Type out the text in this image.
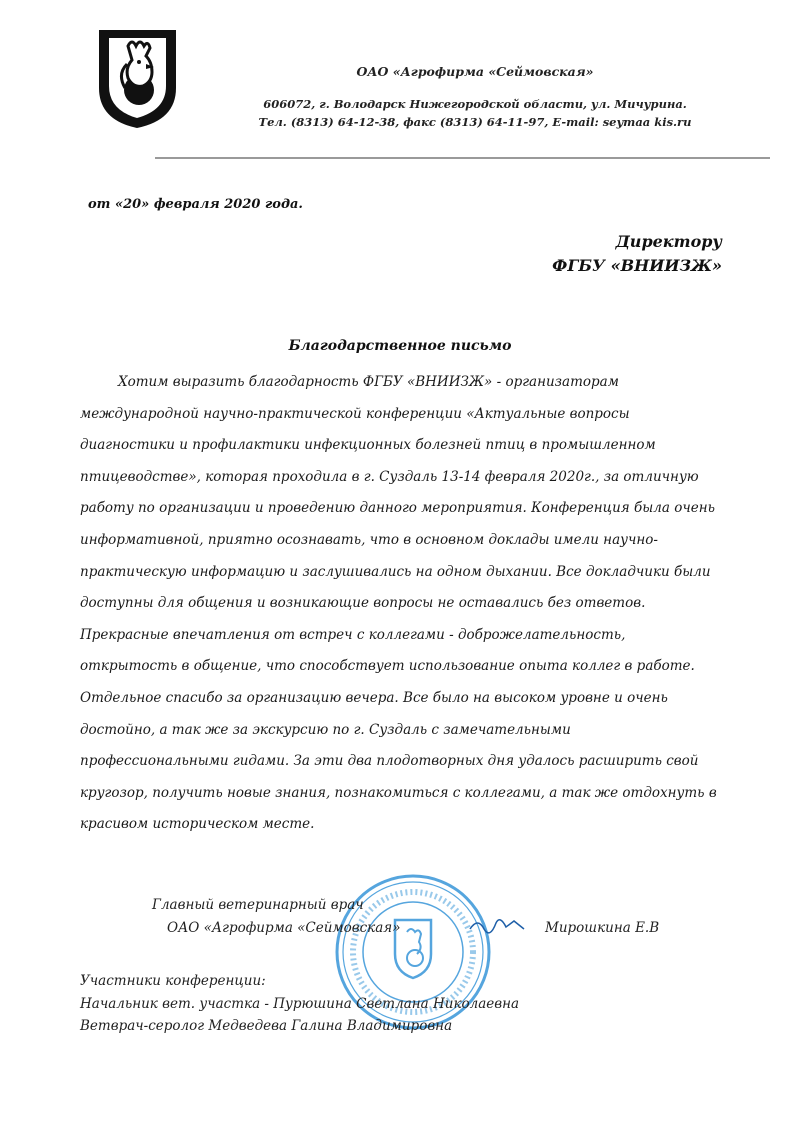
ОАО «Агрофирма «Сеймовская»
606072, г. Володарск Нижегородской области, ул. Мичурина.
Тел. (8313) 64-12-38, факс (8313) 64-11-97, E-mail: seymaa kis.ru
от «20» февраля 2020 года.
Директору
ФГБУ «ВНИИЗЖ»
Благодарственное письмо
Хотим выразить благодарность ФГБУ «ВНИИЗЖ» - организаторам
международной научно-практической конференции «Актуальные вопросы
диагностики и профилактики инфекционных болезней птиц в промышленном
птицеводстве», которая проходила в г. Суздаль 13-14 февраля 2020г., за отличную
работу по организации и проведению данного мероприятия. Конференция была очень
информативной, приятно осознавать, что в основном доклады имели научно-
практическую информацию и заслушивались на одном дыхании. Все докладчики были
доступны для общения и возникающие вопросы не оставались без ответов.
Прекрасные впечатления от встреч с коллегами - доброжелательность,
открытость в общение, что способствует использование опыта коллег в работе.
Отдельное спасибо за организацию вечера. Все было на высоком уровне и очень
достойно, а так же за экскурсию по г. Суздаль с замечательными
профессиональными гидами. За эти два плодотворных дня удалось расширить свой
кругозор, получить новые знания, познакомиться с коллегами, а так же отдохнуть в
красивом историческом месте.
Главный ветеринарный врач
ОАО «Агрофирма «Сеймовская»	Мирошкина Е.В
Участники конференции:
Начальник вет. участка - Пурюшина Светлана Николаевна
Ветврач-серолог Медведева Галина Владимировна
